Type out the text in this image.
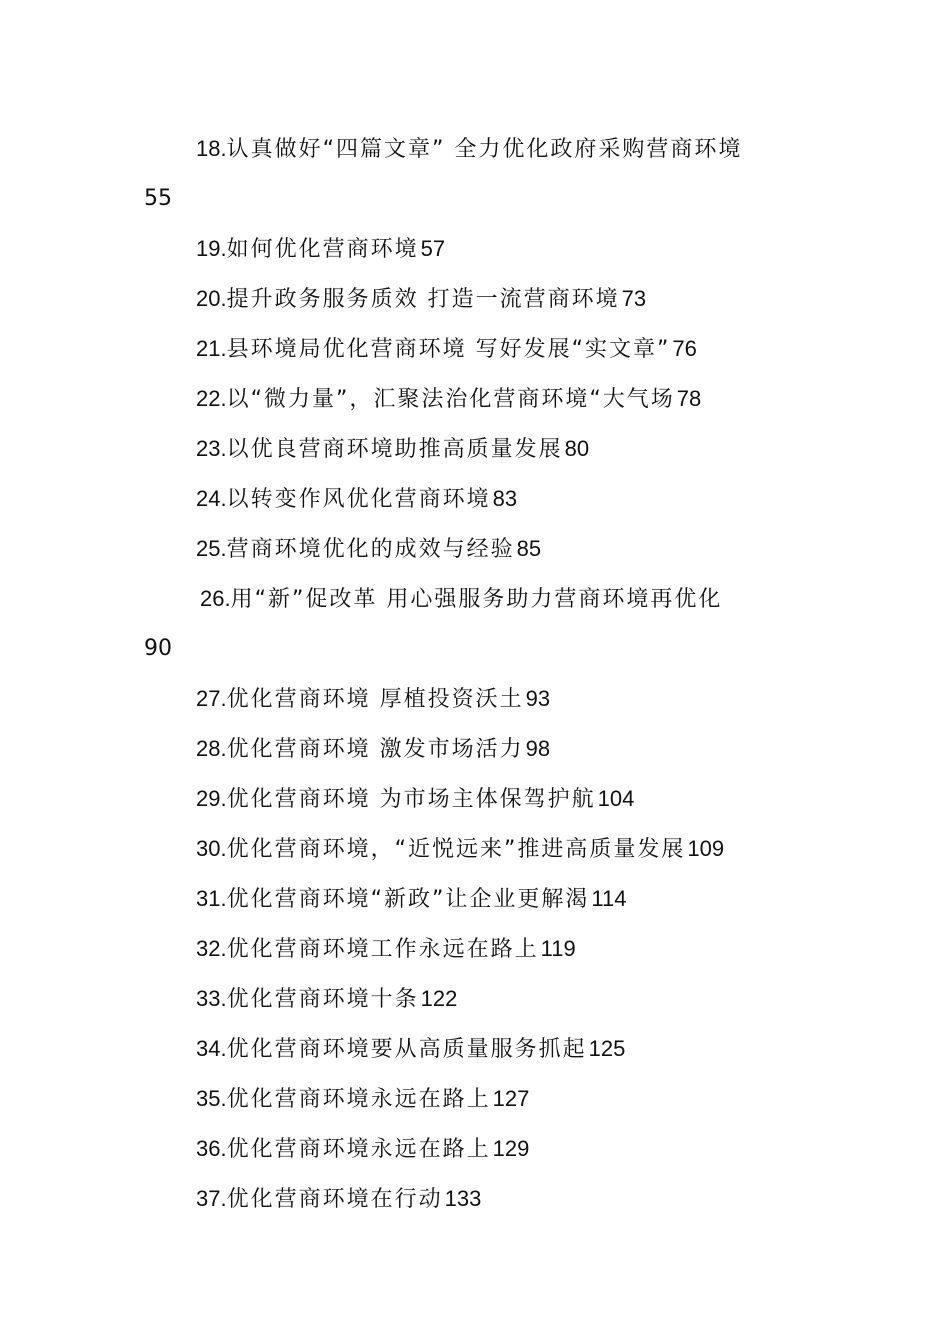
18.认真做好“四篇文章” 全力优化政府采购营商环境
55
19.如何优化营商环境57
20.提升政务服务质效 打造一流营商环境73
21.县环境局优化营商环境 写好发展“实文章”76
22.以“微力量”，汇聚法治化营商环境“大气场78
23.以优良营商环境助推高质量发展80
24.以转变作风优化营商环境83
25.营商环境优化的成效与经验85
26.用“新”促改革 用心强服务助力营商环境再优化
90
27.优化营商环境 厚植投资沃土93
28.优化营商环境 激发市场活力98
29.优化营商环境 为市场主体保驾护航104
30.优化营商环境，“近悦远来”推进高质量发展109
31.优化营商环境“新政”让企业更解渴114
32.优化营商环境工作永远在路上119
33.优化营商环境十条122
34.优化营商环境要从高质量服务抓起125
35.优化营商环境永远在路上127
36.优化营商环境永远在路上129
37.优化营商环境在行动133
